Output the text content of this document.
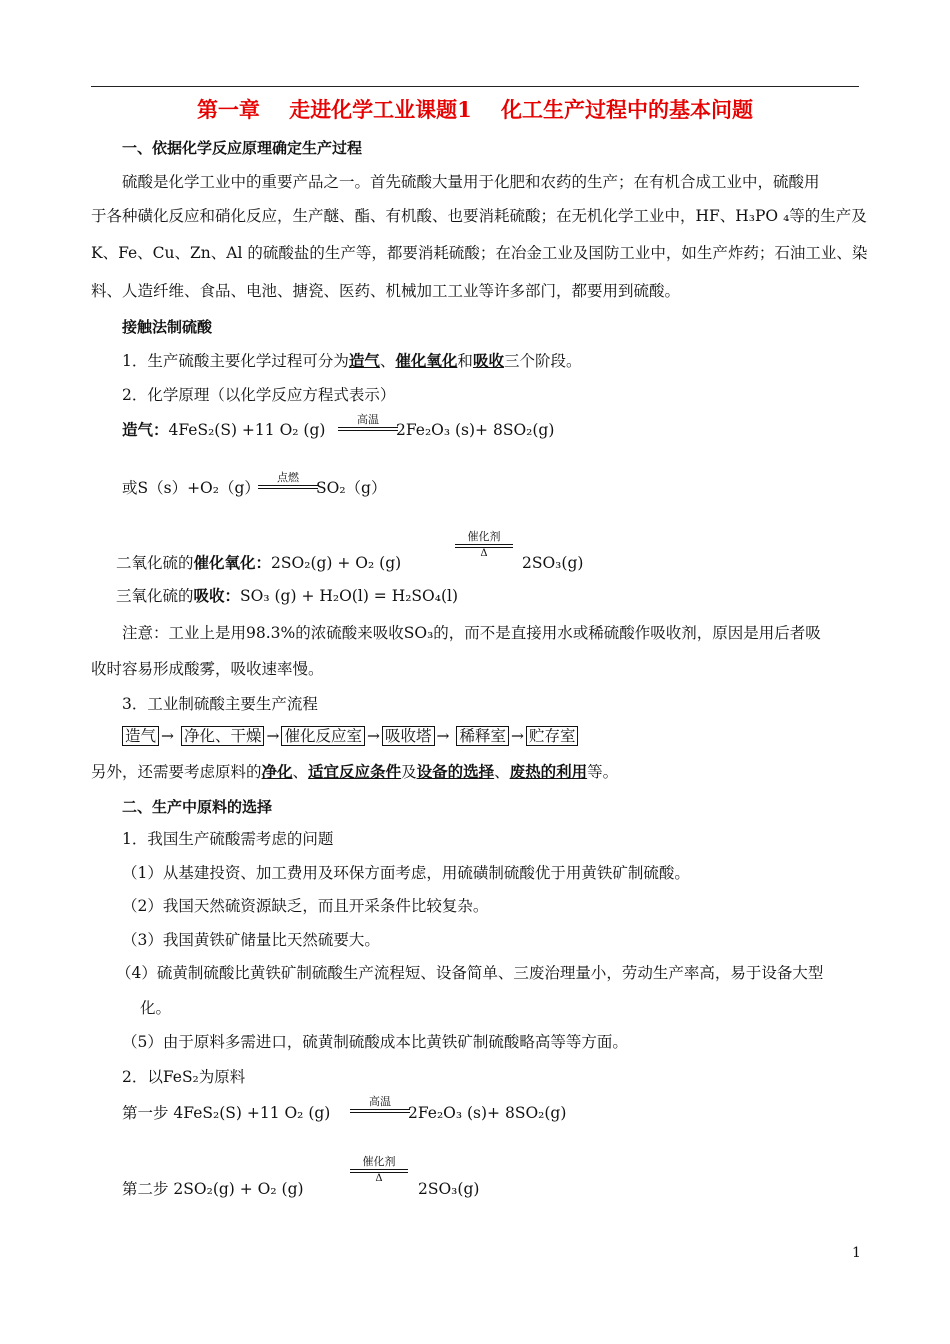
第一章    走进化学工业课题1    化工生产过程中的基本问题
一、依据化学反应原理确定生产过程
硫酸是化学工业中的重要产品之一。首先硫酸大量用于化肥和农药的生产；在有机合成工业中，硫酸用
于各种磺化反应和硝化反应，生产醚、酯、有机酸、也要消耗硫酸；在无机化学工业中，HF、H₃PO ₄等的生产及
K、Fe、Cu、Zn、Al 的硫酸盐的生产等，都要消耗硫酸；在冶金工业及国防工业中，如生产炸药；石油工业、染
料、人造纤维、食品、电池、搪瓷、医药、机械加工工业等许多部门，都要用到硫酸。
接触法制硫酸
1．生产硫酸主要化学过程可分为造气、催化氧化和吸收三个阶段。
2．化学原理（以化学反应方程式表示）
造气：4FeS₂(S) +11 O₂ (g)
高温
2Fe₂O₃ (s)+ 8SO₂(g)
或S（s）+O₂（g）
点燃
SO₂（g）
二氧化硫的催化氧化：2SO₂(g) + O₂ (g)
催化剂
Δ
2SO₃(g)
三氧化硫的吸收：SO₃ (g) + H₂O(l) = H₂SO₄(l)
注意：工业上是用98.3%的浓硫酸来吸收SO₃的，而不是直接用水或稀硫酸作吸收剂，原因是用后者吸
收时容易形成酸雾，吸收速率慢。
3．工业制硫酸主要生产流程
造气 → 净化、干燥 → 催化反应室 → 吸收塔 → 稀释室 → 贮存室
另外，还需要考虑原料的净化、适宜反应条件及设备的选择、废热的利用等。
二、生产中原料的选择
1．我国生产硫酸需考虑的问题
（1）从基建投资、加工费用及环保方面考虑，用硫磺制硫酸优于用黄铁矿制硫酸。
（2）我国天然硫资源缺乏，而且开采条件比较复杂。
（3）我国黄铁矿储量比天然硫要大。
（4）硫黄制硫酸比黄铁矿制硫酸生产流程短、设备简单、三废治理量小，劳动生产率高，易于设备大型
化。
（5）由于原料多需进口，硫黄制硫酸成本比黄铁矿制硫酸略高等等方面。
2．以FeS₂为原料
第一步 4FeS₂(S) +11 O₂ (g)
高温
2Fe₂O₃ (s)+ 8SO₂(g)
第二步 2SO₂(g) + O₂ (g)
催化剂
Δ
2SO₃(g)
1
